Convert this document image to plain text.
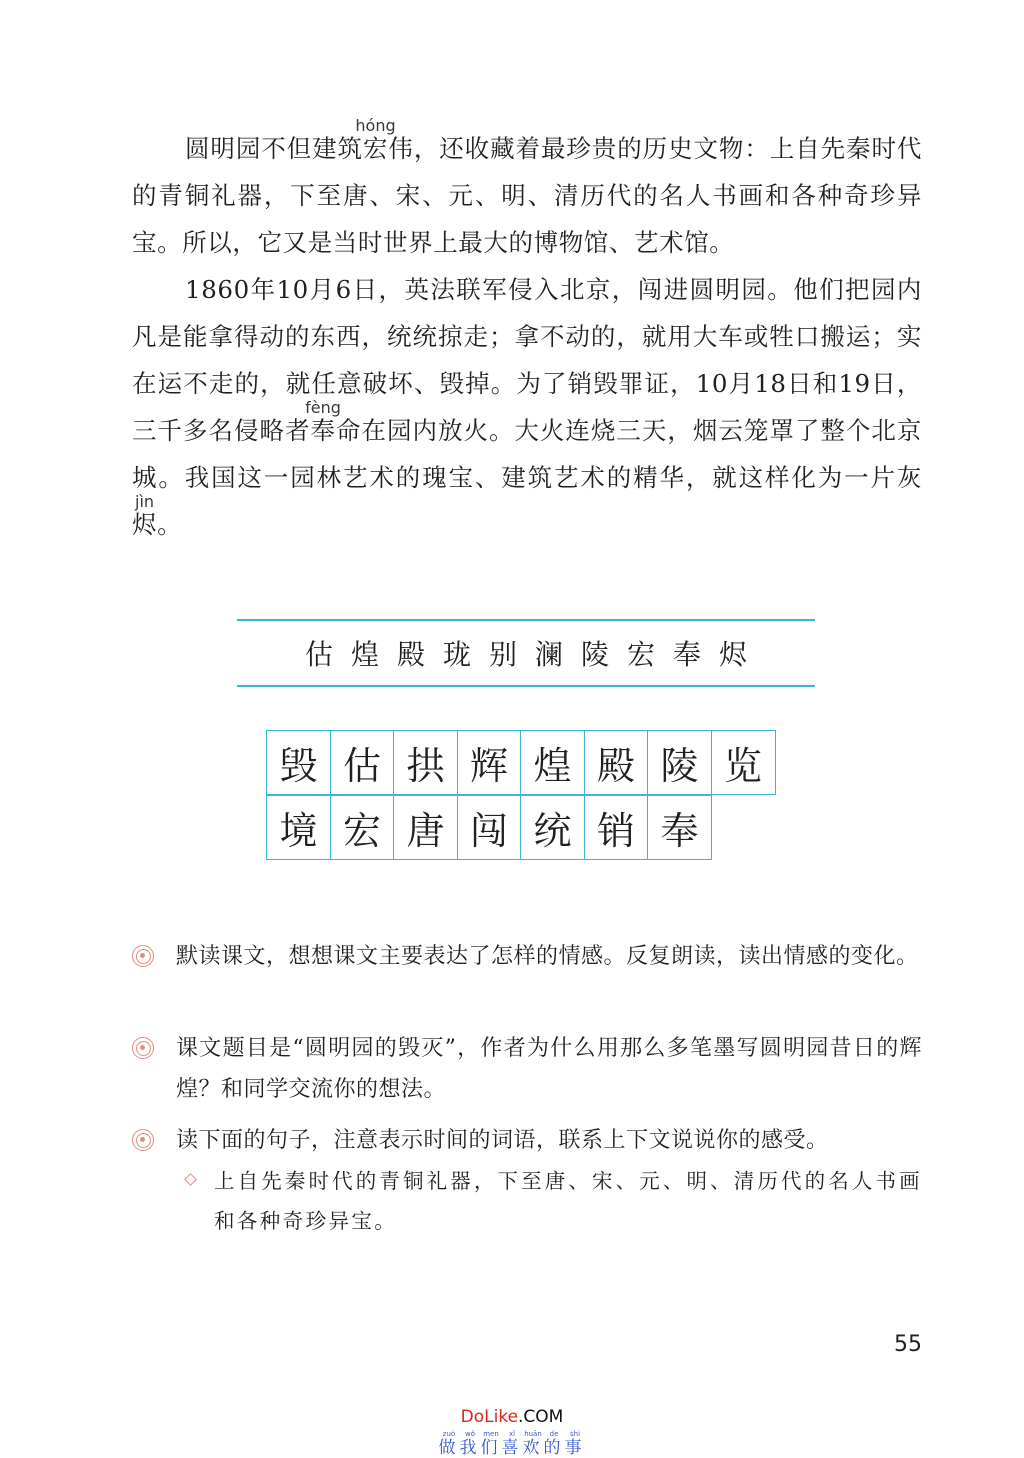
圆明园不但建筑宏hóng伟，还收藏着最珍贵的历史文物：上自先秦时代的青铜礼器，下至唐、宋、元、明、清历代的名人书画和各种奇珍异宝。所以，它又是当时世界上最大的博物馆、艺术馆。

1860年10月6日，英法联军侵入北京，闯进圆明园。他们把园内凡是能拿得动的东西，统统掠走；拿不动的，就用大车或牲口搬运；实在运不走的，就任意破坏、毁掉。为了销毁罪证，10月18日和19日，三千多名侵略者奉fèng命在园内放火。大火连烧三天，烟云笼罩了整个北京城。我国这一园林艺术的瑰宝、建筑艺术的精华，就这样化为一片灰烬jìn。

估煌殿珑别澜陵宏奉烬
毁 估 拱 辉 煌 殿 陵 览
境 宏 唐 闯 统 销 奉

默读课文，想想课文主要表达了怎样的情感。反复朗读，读出情感的变化。

课文题目是“圆明园的毁灭”，作者为什么用那么多笔墨写圆明园昔日的辉煌？和同学交流你的想法。

读下面的句子，注意表示时间的词语，联系上下文说说你的感受。

上自先秦时代的青铜礼器，下至唐、宋、元、明、清历代的名人书画和各种奇珍异宝。

55
DoLike.COM
做zuò我wǒ们men喜xǐ欢huān的de事shì
